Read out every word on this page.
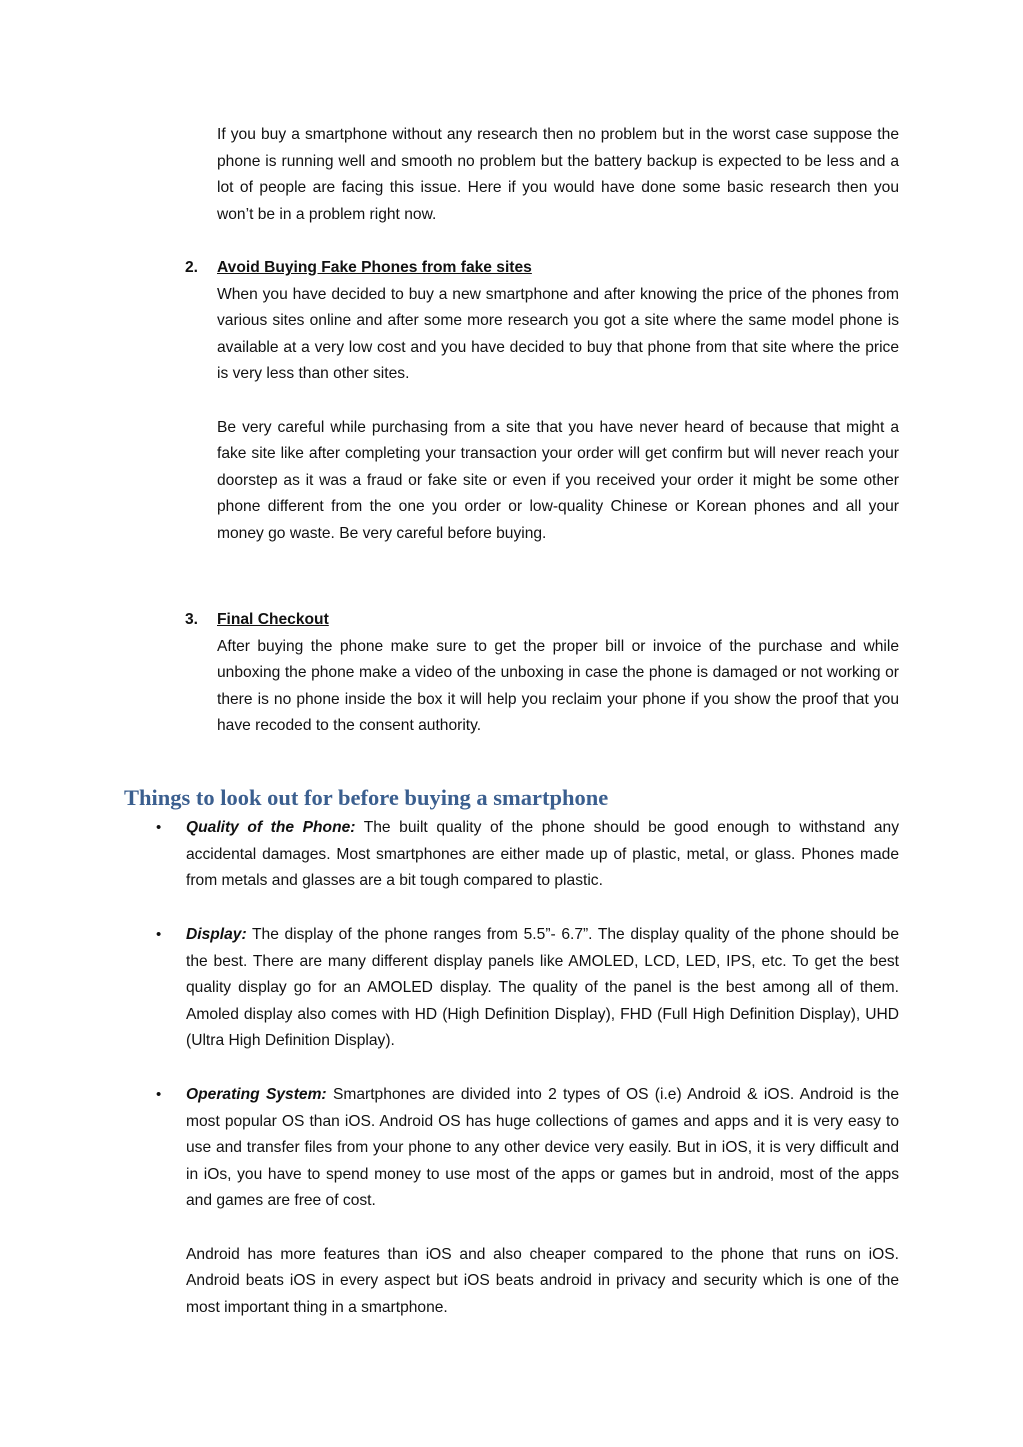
If you buy a smartphone without any research then no problem but in the worst case suppose the phone is running well and smooth no problem but the battery backup is expected to be less and a lot of people are facing this issue. Here if you would have done some basic research then you won’t be in a problem right now.

2. Avoid Buying Fake Phones from fake sites

When you have decided to buy a new smartphone and after knowing the price of the phones from various sites online and after some more research you got a site where the same model phone is available at a very low cost and you have decided to buy that phone from that site where the price is very less than other sites.

Be very careful while purchasing from a site that you have never heard of because that might a fake site like after completing your transaction your order will get confirm but will never reach your doorstep as it was a fraud or fake site or even if you received your order it might be some other phone different from the one you order or low-quality Chinese or Korean phones and all your money go waste. Be very careful before buying.

3. Final Checkout

After buying the phone make sure to get the proper bill or invoice of the purchase and while unboxing the phone make a video of the unboxing in case the phone is damaged or not working or there is no phone inside the box it will help you reclaim your phone if you show the proof that you have recoded to the consent authority.

Things to look out for before buying a smartphone
• Quality of the Phone: The built quality of the phone should be good enough to withstand any accidental damages. Most smartphones are either made up of plastic, metal, or glass. Phones made from metals and glasses are a bit tough compared to plastic.

• Display: The display of the phone ranges from 5.5”- 6.7”. The display quality of the phone should be the best. There are many different display panels like AMOLED, LCD, LED, IPS, etc. To get the best quality display go for an AMOLED display. The quality of the panel is the best among all of them. Amoled display also comes with HD (High Definition Display), FHD (Full High Definition Display), UHD (Ultra High Definition Display).

• Operating System: Smartphones are divided into 2 types of OS (i.e) Android & iOS. Android is the most popular OS than iOS. Android OS has huge collections of games and apps and it is very easy to use and transfer files from your phone to any other device very easily. But in iOS, it is very difficult and in iOs, you have to spend money to use most of the apps or games but in android, most of the apps and games are free of cost.

Android has more features than iOS and also cheaper compared to the phone that runs on iOS. Android beats iOS in every aspect but iOS beats android in privacy and security which is one of the most important thing in a smartphone.
